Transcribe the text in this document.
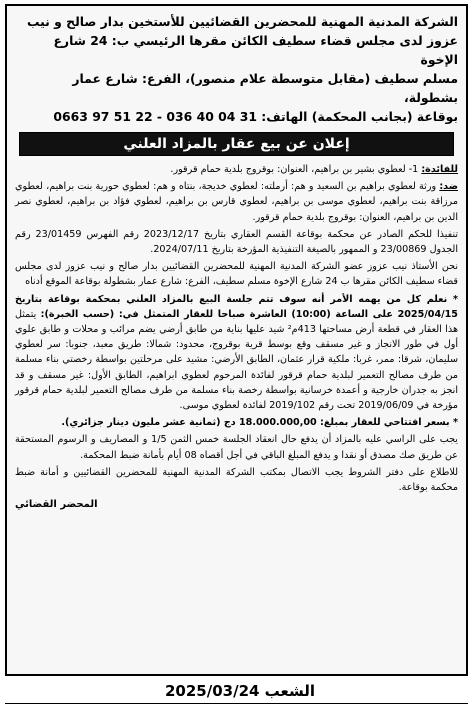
الشركة المدنية المهنية للمحضرين القضائيين للأستخين بدار صالح و نيب
عزوز لدى مجلس قضاء سطيف الكائن مقرها الرئيسي ب: 24 شارع الإخوة
مسلم سطيف (مقابل متوسطة علام منصور)، الفرع: شارع عمار بشطولة،
بوقاعة (بجانب المحكمة) الهاتف: 31 04 40 036 - 22 51 97 0663
إعلان عن بيع عقار بالمزاد العلني

للفائدة: 1- لعطوي بشير بن براهيم، العنوان: بوقروج بلدية حمام قرقور.

ضد: ورثة لعطوي براهيم بن السعيد و هم: أرملته: لعطوي خديجة، بنتاه و هم: لعطوي حورية بنت براهيم، لعطوي مرزاقة بنت براهيم، لعطوي موسى بن براهيم، لعطوي قارس بن براهيم، لعطوي فؤاد بن براهيم، لعطوي نصر الدين بن براهيم، العنوان: بوقروج بلدية حمام قرقور.

تنفيذا للحكم الصادر عن محكمة بوقاعة القسم العقاري بتاريخ 2023/12/17 رقم الفهرس 23/01459 رقم الجدول 23/00869 و الممهور بالصيغة التنفيذية المؤرخة بتاريخ 2024/07/11.

نحن الأستاذ نيب عزوز عضو الشركة المدنية المهنية للمحضرين القضائيين بدار صالح و نيب عزوز لدى مجلس قضاء سطيف الكائن مقرها ب 24 شارع الإخوة مسلم سطيف، الفرع: شارع عمار بشطولة بوقاعة الموقع أدناه

* نعلم كل من يهمه الأمر أنه سوف تتم جلسة البيع بالمزاد العلني بمحكمة بوقاعة بتاريخ 2025/04/15 على الساعة (10:00) العاشرة صباحا للعقار المتمثل في: (حسب الخبرة): يتمثل هذا العقار في قطعة أرض مساحتها 413م² شيد عليها بناية من طابق أرضي يضم مرائب و محلات و طابق علوي أول في طور الانجاز و غير مسقف وقع بوسط قرية بوقروج، محدود: شمالا: طريق معبد، جنوبا: سر لعطوي سليمان، شرقا: ممر، غربا: ملكية قرار عثمان، الطابق الأرضي: مشيد على مرحلتين بواسطة رخصتي بناء مسلمة من طرف مصالح التعمير لبلدية حمام قرقور لفائدة المرحوم لعطوي ابراهيم، الطابق الأول: غير مسقف و قد انجز به جدران خارجية و أعمدة خرسانية بواسطة رخصة بناء مسلمة من طرف مصالح التعمير لبلدية حمام قرقور مؤرخة في 2019/06/09 تحت رقم 2019/102 لفائدة لعطوي موسى.

* بسعر افتتاحي للعقار بمبلغ: 18.000.000,00 دج (ثمانية عشر مليون دينار جزائري).

يجب على الراسي عليه بالمزاد أن يدفع حال انعقاد الجلسة خمس الثمن 1/5 و المصاريف و الرسوم المستحقة عن طريق صك مصدق أو نقدا و يدفع المبلغ الباقي في أجل أقصاه 08 أيام بأمانة ضبط المحكمة.

للاطلاع على دفتر الشروط يجب الاتصال بمكتب الشركة المدنية المهنية للمحضرين القضائيين و أمانة ضبط محكمة بوقاعة.

المحضر القضائي
الشعب 2025/03/24
